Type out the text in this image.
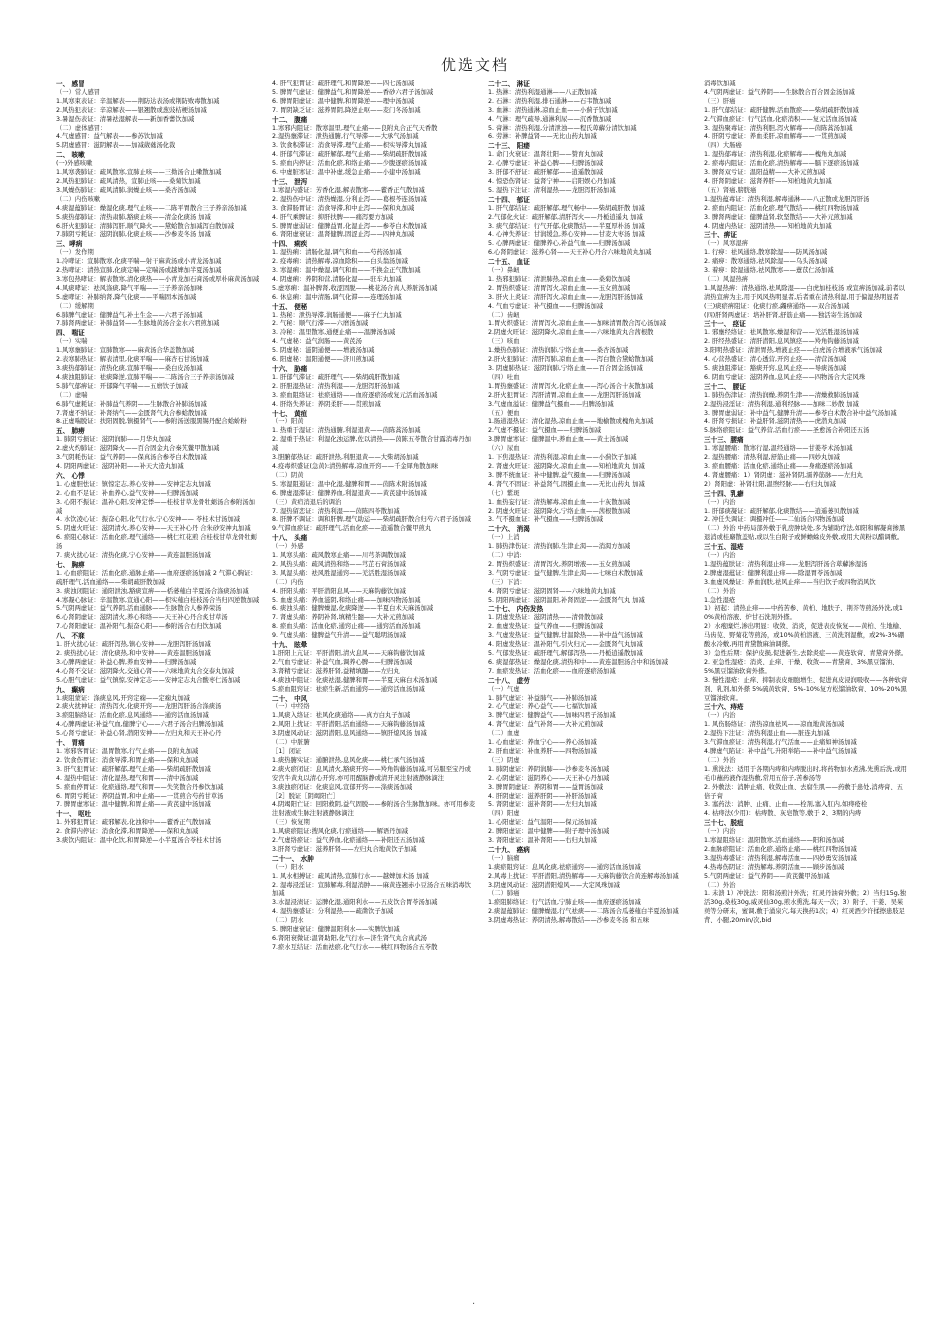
优选文档
一、 感冒
（一）常人感冒
1.风寒束表证：辛温解表——荆防达表汤或荆防败毒散加减
2.风热犯表证：辛凉解表——银翘散或葱豉桔梗汤加减
3.暑湿伤表证：清暑祛湿解表——新加香薷饮加减
（二）虚体感冒：
4.气虚感冒：益气解表——参苏饮加减
5.阴虚感冒：滋阴解表——加减葳蕤汤化裁
二、 咳嗽
(一)外感咳嗽
1.风寒袭肺证：疏风散寒,宣肺止咳——三拗汤合止嗽散加减
2.风热犯肺证：疏风清热，宣肺止咳——桑菊饮加减
3.风燥伤肺证：疏风清肺,润燥止咳——桑杏汤加减
（二）内伤咳嗽
4.痰湿蕴肺证：燥湿化痰,理气止咳——二陈平胃散合三子养亲汤加减
5.痰热郁肺证：清热肃肺,豁痰止咳——清金化痰汤 加减
6.肝火犯肺证：清肺泻肝,顺气降火——黛蛤散合加减泻白散加减
7.肺阴亏耗证：滋阴润肺,化痰止咳——沙参麦冬汤 加减
三、哮病
（一）发作期
1.冷哮证：宣肺散寒,化痰平喘—射干麻黄汤或小青龙汤加减
2.热哮证：清热宣肺,化痰定喘—定喘汤或越婢加半夏汤加减
3.寒包热哮证：解表散寒,清化痰热——小青龙加石膏汤或厚朴麻黄汤加减
4.风痰哮证：祛风涤痰,降气平喘——三子养亲汤加味
5.虚哮证：补肺纳肾,降气化痰——平喘固本汤加减
（二）缓解期
6.肺脾气虚证：健脾益气,补土生金——六君子汤加减
7.肺肾两虚证：补肺益肾——生脉地黄汤合金水六君煎加减
四、 喘证
（一）实喘
1.风寒壅肺证：宣肺散寒——麻黄汤合华盖散加减
2.表寒肺热证：解表清里,化痰平喘——麻杏石甘汤加减
3.痰热郁肺证：清热化痰,宣肺平喘——桑白皮汤加减
4.痰浊阻肺证：祛痰降逆,宣肺平喘——二陈汤合三子养亲汤加减
5.肺气郁痹证：开郁降气平喘——五磨饮子加减
（二）虚喘
6.肺气虚耗证：补肺益气养阴——生脉散合补肺汤加减
7.肾虚不纳证：补肾纳气——金匮肾气丸合参蛤散加减
8.正虚喘脱证：扶阳固脱,镇摄肾气——参附汤送服黑锡丹配合蛤蚧粉
五、 肺痨
1. 肺阴亏损证：滋阴润肺——月华丸加减
2.虚火灼肺证：滋阴降火——百合固金丸合秦艽鳖甲散加减
3.气阴耗伤证：益气养阴——保真汤合参苓白术散加减
4. 阴阳两虚证：滋阴补阳——补天大造丸加减
六、 心悸
1. 心虚胆怯证：镇惊定志,养心安神——安神定志丸加减
2. 心血不足证：补血养心,益气安神——归脾汤加减
3. 心阳不振证：温补心阳,安神定悸——桂枝甘草龙骨牡蛎汤合参附汤加减
4. 水饮凌心证：振奋心阳,化气行水,宁心安神—— 苓桂术甘汤加减
5. 阴虚火旺证：滋阴清火,养心安神——天王补心丹 合朱砂安神丸加减
6. 瘀阻心脉证：活血化瘀,理气通络——桃仁红花煎 合桂枝甘草龙骨牡蛎汤
7. 痰火扰心证：清热化痰,宁心安神——黄连温胆汤加减
七、 胸痹
1. 心血瘀阻证：活血化瘀,通脉止痛——血府逐瘀汤加减 2 气滞心胸证：疏肝理气,活血通络——柴胡疏肝散加减
3. 痰浊闭阻证：通阳泄浊,豁痰宣痹——栝蒌薤白半夏汤合涤痰汤加减
4.寒凝心脉证：辛温散寒,宣通心阳——枳实薤白桂枝汤合当归四逆散加减
5.气阴两虚证：益气养阴,活血通脉——生脉散合人参养荣汤
6.心肾阴虚证：滋阴清火,养心和络——天王补心丹合炙甘草汤
7.心肾阳虚证：温补阳气,振奋心阳——参附汤合右归饮加减
八、 不寐
1. 肝火扰心证：疏肝泻热,镇心安神——龙胆泻肝汤加减
2. 痰热扰心证：清化痰热,和中安神——黄连温胆汤加减
3.心脾两虚证：补益心脾,养血安神——归脾汤加减
4.心肾不交证：滋阴降火,交通心肾——六味地黄丸合交泰丸加减
5.心胆气虚证：益气镇惊,安神定志——安神定志丸合酸枣仁汤加减
九、 癫病
1.痰阻蒙证：涤痰息风,开窍定痫——定痫丸加减
2.痰火扰神证：清热泻火,化痰开窍——龙胆泻肝汤合涤痰汤
3.瘀阻脑络证：活血化瘀,息风通络——通窍活血汤加减
4.心脾两虚证:补益气血,健脾宁心——六君子汤合归脾汤加减
5.心肾亏虚证：补益心肾,潜阳安神——左归丸和天王补心丹
十、 胃痛
1. 寒邪客胃证：温胃散寒,行气止痛——良附丸加减
2. 饮食伤胃证：消食导滞,和胃止痛——保和丸加减
3. 肝气犯胃证：疏肝解郁,理气止痛——柴胡疏肝散加减
4. 湿热中阻证：清化湿热,理气和胃——清中汤加减
5. 瘀血停胃证：化瘀通络,理气和胃——失笑散合丹参饮加减
6. 胃阴亏耗证：养阴益胃,和中止痛——一贯煎合芍药甘草汤
7. 脾胃虚寒证：温中健脾,和胃止痛——黄芪建中汤加减
十一、 呕吐
1. 外邪犯胃证：疏邪解表,化浊和中——藿香正气散加减
2. 食滞内停证：消食化滞,和胃降逆——保和丸加减
3.痰饮内阻证：温中化饮,和胃降逆—小半夏汤合苓桂术甘汤
4. 肝气犯胃证：疏肝理气,和胃降逆——四七汤加减
5. 脾胃气虚证：健脾益气,和胃降逆——香砂六君子汤加减
6. 脾胃阳虚证：温中健脾,和胃降逆——理中汤加减
7. 胃阴缺乏证：滋养胃阴,降逆止呕——麦门冬汤加减
十二、 腹痛
1.寒邪内阻证：散寒温里,理气止痛——良附丸合正气天香散
2.湿热壅滞证：泄热通腑,行气导滞——大承气汤加减
3. 饮食积滞证：消食导滞,理气止痛——枳实导滞丸加减
4. 肝郁气滞证：疏肝解郁,理气止痛——柴胡疏肝散加减
5. 瘀血内停证：活血化瘀,和络止痛——少腹逐瘀汤加减
6. 中虚脏寒证：温中补虚,缓急止痛——小建中汤加减
十三、 泄泻
1.寒湿内盛证：芳香化湿,解表散寒——藿香正气散加减
2. 湿热伤中证：清热燥湿,分利止泻——葛根芩连汤加减
3. 食滞肠胃证：消食导滞,和中止泻——保和丸加减
4. 肝气乘脾证：抑肝扶脾——痛泻要方加减
5. 脾胃虚弱证：健脾益胃,化湿止泻——参苓白术散加减
6. 肾阳虚衰证：温肾健脾,固涩止泻——四神丸加减
十四、 痢疾
1. 湿热痢：清肠化湿,调气和血——芍药汤加减
2. 疫毒痢：清热解毒,凉血除积——白头翁汤加减
3. 寒湿痢：温中燥湿,调气和血——不换金正气散加减
4. 阴虚痢：养阴和营,清肠化湿——驻车丸加减
5.虚寒痢：温补脾肾,收涩固脱——桃花汤合真人养脏汤加减
6. 休息痢：温中清肠,调气化滞——连理汤加减
十五、 便秘
1. 热秘：泄热导滞,润肠通便——麻子仁丸加减
2. 气秘：顺气行滞——六磨汤加减
3. 冷秘：温里散寒,通便止痛——温脾汤加减
4. 气虚秘：益气润肠——黄芪汤
5. 阴虚秘：滋阴通便——增液汤加减
6. 阳虚秘：温阳通便——济川煎加减
十六、 胁痛
1. 肝郁气滞证：疏肝理气——柴胡疏肝散加减
2. 肝胆湿热证：清热利湿——龙胆泻肝汤加减
3. 瘀血阻络证：祛瘀通络——血府逐瘀汤或复元活血汤加减
4. 肝络失养证：养阴柔肝——贯煎加减
十七、 黄疸
（一）阳黄
1. 热重于湿证：清热通腑,利湿退黄——茵陈蒿汤加减
2. 湿重于热证：利湿化浊运脾,佐以清热——茵陈五苓散合甘露消毒丹加减
3.胆腑郁热证：疏肝泄热,利胆退黄——大柴胡汤加减
4.疫毒炽盛证(急黄):清热解毒,凉血开窍——千金犀角散加味
（二）阴黄
5. 寒湿阻遏证：温中化湿,健脾和胃——茵陈术附汤加减
6. 脾虚湿滞证：健脾养血,利湿退黄——黄芪建中汤加减
（三）黄疸消退后的调治
7. 湿热留恋证：清热利湿——茵陈四苓散加减
8. 肝脾不调证：调和肝脾,理气助运——柴胡疏肝散合归芍六君子汤加减
9.气滞血瘀证：疏肝理气,活血化瘀——逍遥散合鳖甲煎丸
十八、 头痛
（一）外感
1. 风寒头痛：疏风散寒止痛——川芎茶调散加减
2. 风热头痛：疏风清热和络——芎芷石膏汤加减
3. 风湿头痛：祛风胜湿通窍——羌活胜湿汤加减
（二）内伤
4. 肝阳头痛：平肝潜阳息风——天麻钩藤饮加减
5. 血虚头痛：养血滋阴,和络止痛——加味四物汤加减
6. 痰浊头痛：健脾燥湿,化痰降逆——半夏白术天麻汤加减
7. 肾虚头痛：养阴补肾,填精生髓——大补元煎加减
8. 瘀血头痛：活血化瘀,通窍止痛——通窍活血汤加减
9. 气虚头痛：健脾益气升清——益气聪明汤加减
十九、 眩晕
1.肝阳上亢证：平肝潜阳,清火息风——天麻钩藤饮加减
2.气血亏虚证：补益气血,调养心脾——归脾汤加减
3.肾精亏虚证：滋养肝肾,益精填髓——左归丸
4.痰浊中阻证：化痰祛湿,健脾和胃——半夏天麻白术汤加减
5.瘀血阻窍证：祛瘀生新,活血通窍——通窍活血汤加减
二十、 中风
（一）中经络
1.风痰入络证：祛风化痰通络——真方白丸子加减
2.风阳上扰证：平肝潜阳,活血通络——天麻钩藤汤加减
3.阴虚风动证：滋阴潜阳,息风通络——镇肝熄风汤 加减
（二）中脏腑
［1］闭证
1.痰热腑实证：通腑泄热,息风化痰——桃仁承气汤加减
2.痰火瘀闭证：息风清火,豁痰开窍——羚角钩藤汤加减,可另服至宝丹或安宫牛黄丸以清心开窍,亦可用醒脑静或清开灵注射液静脉滴注
3.痰浊瘀闭证：化痰息风,宣郁开窍——涤痰汤加减
［2］脱证［阴竭阳亡］
4.阴竭阳亡证：回阳救阴,益气固脱——参附汤合生脉散加味。亦可用参麦注射液或生脉注射液静脉滴注
（三）恢复期
1.风痰瘀阻证:搜风化痰,行瘀通络——解语丹加减
2.气虚络瘀证：益气养血,化瘀通络——补阳还五汤加减
3.肝肾亏虚证：滋养肝肾——左归丸合地黄饮子加减
二十一、 水肿
（一）阳水
1. 风水相搏证：疏风清热,宣肺行水——越婢加术汤 加减
2. 湿毒浸淫证：宣肺解毒,利湿消肿——麻黄连翘赤小豆汤合五味消毒饮加减
3.水湿浸渍证：运脾化湿,通阳利水——五皮饮合胃苓汤加减
4. 湿热壅盛证：分利湿热——疏凿饮子加减
（二）阴水
5. 脾阳虚衰证：健脾温阳利水——实脾饮加减
6.肾阳衰微证:温肾助阳,化气行水—济生肾气丸合真武汤
7.瘀水互结证：活血祛瘀,化气行水——桃红四物汤合五苓散
二十二、 淋证
1. 热淋：清热利湿通淋——八正散加减
2. 石淋：清热利湿,排石通淋——石韦散加减
3. 血淋：清热通淋,凉血止血——小蓟子饮加减
4. 气淋：理气疏导,通淋利尿——沉香散加减
5. 膏淋：清热利湿,分清泄浊——程氏萆薢分清饮加减
6. 劳淋：补脾益肾——无比山药丸加减
二十三、 阳痿
1. 命门火衰证：温肾壮阳——赞育丸加减
2. 心脾亏虚证：补益心脾——归脾汤加减
3. 肝郁不舒证：疏肝解郁——逍遥散加减
4. 惊恐伤肾证：益肾宁神——启阳娱心丹加减
5. 湿热下注证：清利湿热——龙胆泻肝汤加减
二十四、 郁证
1. 肝气郁结证：疏肝解郁,理气畅中——柴胡疏肝散 加减
2.气郁化火证：疏肝解郁,清肝泻火——丹栀逍遥丸 加减
3. 痰气郁结证：行气开郁,化痰散结——半夏厚朴汤 加减
4. 心神失养证：甘润缓急,养心安神——甘麦大枣汤 加减
5. 心脾两虚证：健脾养心,补益气血——归脾汤加减
6.心肾阴虚证：滋养心肾——天王补心丹合六味地黄丸加减
二十五、 血证
（一）鼻衄
1. 热邪犯肺证：清泄肺热,凉血止血——桑菊饮加减
2. 胃热炽盛证：清胃泻火,凉血止血——玉女煎加减
3. 肝火上炎证：清肝泻火,凉血止血——龙胆泻肝汤加减
4. 气血亏虚证：补气摄血——归脾汤加减
（二）齿衄
1.胃火炽盛证：清胃泻火,凉血止血——加味清胃散合泻心汤加减
2.阴虚火旺证：滋阴降火,凉血止血——六味地黄丸合茜根散
（三）咳血
1.燥热伤肺证：清热润肺,宁络止血——桑杏汤加减
2.肝火犯肺证：清肝泻肺,凉血止血——泻白散合黛蛤散加减
3. 阴虚肺热证：滋阴润肺,宁络止血——百合固金汤加减
（四）吐血
1.胃热壅盛证：清胃泻火,化瘀止血——泻心汤合十灰散加减
2.肝火犯胃证：泻肝清胃,凉血止血——龙胆泻肝汤加减
3.气虚血溢证：健脾益气摄血——归脾汤加减
（五）便血
1.肠道湿热证：清化湿热,凉血止血——地榆散或槐角丸加减
2.气虚不摄证：益气摄血——归脾汤加减
3.脾胃虚寒证：健脾温中,养血止血——黄土汤加减
（六）尿血
1. 下焦湿热证：清热利湿,凉血止血——小蓟饮子加减
2. 肾虚火旺证：滋阴降火,凉血止血——知柏地黄丸 加减
3. 脾不统血证：补中健脾,益气摄血——归脾汤加减
4. 肾气不固证：补益肾气,固摄止血——无比山药丸 加减
（七）紫斑
1. 血热妄行证：清热解毒,凉血止血——十灰散加减
2. 阴虚火旺证：滋阴降火,宁络止血——茜根散加减
3. 气不摄血证：补气摄血——归脾汤加减
二十六、 消渴
（一）上消
1. 肺热津伤证：清热润肺,生津止渴——消渴方加减
（二）中消:
2. 胃热炽盛证：清胃泻火,养阴增液——玉女煎加减
3. 气阴亏虚证：益气健脾,生津止渴——七味白术散加减
（三）下消：
4. 肾阴亏虚证：滋阴固肾——六味地黄丸加减
5. 阴阳两虚证：滋阴温阳,补肾固涩——金匮肾气丸 加减
二十七、 内伤发热
1. 阴虚发热证：滋阴清热——清骨散加减
2. 血虚发热证：益气养血——归脾汤加减
3. 气虚发热证：益气健脾,甘温除热——补中益气汤加减
4. 阳虚发热证：温补阳气,引火归元——金匮肾气丸加减
5. 气郁发热证：疏肝理气,解郁泻热——丹栀逍遥散加减
6. 痰湿郁热证：燥湿化痰,清热和中——黄连温胆汤合中和汤加减
7. 血瘀发热证：活血化瘀——血府逐瘀汤加减
二十八、 虚劳
（一）气虚
1. 肺气虚证：补益肺气——补肺汤加减
2. 心气虚证：养心益气——七福饮加减
3. 脾气虚证：健脾益气——加味四君子汤加减
4. 肾气虚证：益气补肾——大补元煎加减
（二）血虚
1. 心血虚证：养血宁心——养心汤加减
2. 肝血虚证：补血养肝——四物汤加减
（三）阴虚
1. 肺阴虚证：养阴润肺——沙参麦冬汤加减
2. 心阴虚证：滋阴养心——天王补心丹加减
3. 脾胃阴虚证：养阴和胃——益胃汤加减
4. 肝阴虚证：滋养肝阴——补肝汤加减
5. 肾阴虚证：滋补肾阴——左归丸加减
（四）阳虚
1. 心阳虚证：益气温阳——保元汤加减
2. 脾阳虚证：温中健脾——附子理中汤加减
3. 肾阳虚证：温补肾阳——右归丸加减
二十九、 癌病
（一）脑瘤
1.痰瘀阻窍证：息风化痰,祛瘀通窍——通窍活血汤加减
2.风毒上扰证：平肝潜阳,清热解毒——天麻钩藤饮合黄连解毒汤加减
3.阴虚风动证：滋阴潜阳熄风——大定风珠加减
（二）肺癌
1.瘀阻肺络证：行气活血,宁肺止咳——血府逐瘀汤加减
2.痰湿蕴肺证：健脾燥湿,行气祛痰——二陈汤合瓜蒌薤白半夏汤加减
3.阴虚毒热证：养阴清热,解毒散结——沙参麦冬汤 和五味
消毒饮加减
4.气阴两虚证：益气养阴——生脉散合百合固金汤加减
（三）肝癌
1. 肝气郁结证：疏肝健脾,活血散瘀——柴胡疏肝散加减
2.气滞血瘀证：行气活血,化瘀消积——复元活血汤加减
3. 湿热聚毒证：清热利胆,泻火解毒——茵陈蒿汤加减
4. 肝阴亏虚证：养血柔肝,凉血解毒——一贯煎加减
（四）大肠癌
1. 湿热郁毒证：清热利湿,化瘀解毒——槐角丸加减
2. 瘀毒内阻证：活血化瘀,清热解毒——膈下逐瘀汤加减
3. 脾肾双亏证：温阳益精——大补元煎加减
4. 肝肾阴虚证：滋肾养肝——知柏地黄丸加减
（五）肾癌,膀胱癌
1.湿热蕴毒证：清热利湿,解毒通淋——八正散或龙胆泻肝汤
2. 瘀血内阻证：活血化瘀,理气散结——桃红四物汤加减
3. 脾肾两虚证：健脾益肾,软坚散结——大补元煎加减
4. 阴虚内热证：滋阴清热——知柏地黄丸加减
三十、痹证
（一）风寒湿痹
1. 行痹：祛风通络,散寒除湿——防风汤加减
2. 痛痹：散寒通络,祛风除湿——乌头汤加减
3. 着痹：除湿通络,祛风散寒——薏苡仁汤加减
（二）风湿热痹
1.风湿热痹：清热通络,祛风除湿——白虎加桂枝汤 或宣痹汤加减,前者以清热宣痹为主,用于风风热明显者,后者重在清热利湿,用于偏湿热明显者
(三)痰瘀痹阻证：化痰行瘀,蠲痹通络——双合汤加减
(四)肝肾两虚证：培补肝肾,舒筋止痛——独活寄生汤加减
三十一、 痉证
1. 邪壅经络证：祛风散寒,燥湿和营——羌活胜湿汤加减
2. 肝经热盛证：清肝潜阳,息风镇痉——羚角钩藤汤加减
3.阳明热盛证：清泄胃热,增液止痉——白虎汤合增液承气汤加减
4. 心营热盛证：清心透营,开窍止痉——清营汤加减
5. 痰浊阻滞证：豁痰开窍,息风止痉——导痰汤加减
6. 阴血亏虚证：滋阴养血,息风止痉——四物汤合大定风珠
三十二、 腰证
1. 肺热伤津证：清热润燥,养阴生津——清燥救肺汤加减
2.湿热浸淫证：清热利湿,通利经脉——加味二妙散 加减
3. 脾胃虚弱证：补中益气,健脾升清——参苓白术散合补中益气汤加减
4. 肝肾亏损证：补益肝肾,滋阴清热——虎潜丸加减
5.脉络瘀阻证：益气养营,活血行瘀——圣愈汤合补阳还五汤
三十三、腰痛
1. 寒湿腰痛：散寒行湿,温经通络——甘姜苓术汤加减
2. 湿热腰痛：清热利湿,舒筋止痛——四妙丸加减
3. 瘀血腰痛：活血化瘀,通络止痛——身痛逐瘀汤加减
4. 肾虚腰痛：1）肾阴虚：滋补肾阴,濡养筋脉——左归丸
2）肾阳虚：补肾壮阳,温煦经脉——右归丸加减
三十四、乳癖
（一）内治
1. 肝郁痰凝证：疏肝解郁,化痰散结——逍遥蒌贝散加减
2. 冲任失调证：调摄冲任——二仙汤合四物汤加减
（二）外治 中药局部外敷于乳房肿块处,多为辅助疗法,如阳和解凝膏掺黑退消或桂麝散盖贴,或以生白附子或鲜蟾蜍皮外敷,或用大黄粉以醋调敷。
三十五、湿疮
（一）内治
1.湿热蕴肤证：清热利湿止痒——龙胆泻肝汤合萆薢渗湿汤
2.脾虚湿蕴证：健脾利湿止痒——除湿胃苓汤加减
3.血虚风燥证：养血润肤,祛风止痒——当归饮子或四物消风饮
（二）外治
1.急性湿疮
1）初起：清热止痒——中药苦参、黄柏、地肤子、荆芥等煎汤外洗,或10%黄柏溶液、炉甘石洗剂外搽。
2）水疱糜烂,渗出明显：收敛、消炎，促进表皮恢复——黄柏、生地榆、马齿苋、野菊花等煎汤，或10%黄柏溶液、三黄洗剂湿敷，或2%-3%硼酸水冷敷,再用青黛散麻油调搽。
3）急性后期：保护皮损,促进新生,去除炎症——黄连软膏、青黛膏外搽。
2. 亚急性湿疮：消炎、止痒、干燥、收敛——青黛膏、3%黑豆馏油、5%黑豆馏油软膏外搽。
3. 慢性湿疮：止痒、抑制表皮细胞增生、促进真皮浸润吸收——各种软膏剂、乳剂,如外搽 5%硫黄软膏、5%-10%复方松馏油软膏、10%-20%黑豆馏油软膏。
三十六、痔疮
（一）内治
1. 风伤肠络证：清热凉血祛风——凉血地黄汤加减
2.湿热下注证：清热利湿止血——脏连丸加减
3.气滞血瘀证：清热利湿,行气活血——止痛如神汤加减
4.脾虚气陷证：补中益气,升阳举陷——补中益气汤加减
（二）外治
1. 熏洗法：适用于各期内痔和内痔脱出时,将药物加水煮沸,先熏后洗,或用毛巾蘸药液作湿热敷,常用五倍子,苦参汤等
2. 外敷法：消肿止痛、收敛止血、去腐生肌——药敷于患处,消痔膏、五倍子膏
3. 塞药法：消肿、止痛、止血——栓剂,塞入肛内,如痔疮栓
4. 枯痔法(少用)：枯痔散、灰皂散等,敷于 2、3期的内痔
三十七、脱疽
（一）内治
1.寒湿阻络证：温阳散寒,活血通络——阳和汤加减
2.血脉瘀阻证：活血化瘀,通络止痛——桃红四物汤加减
3.湿热毒盛证：清热利湿,解毒活血——四妙勇安汤加减
4.热毒伤阴证：清热解毒,养阴活血——顾步汤加减
5.气阴两虚证：益气养阴——黄芪鳖甲汤加减
（二）外治
1. 未溃 1）冲洗法：阳和汤煎汁外洗；红灵丹油膏外敷；2）当归15g,独活30g,桑枝30g,威灵仙30g,煎水熏洗,每天一次；3）附子、干姜、吴茱萸等分研末，蜜调,敷于涌泉穴,每天换药1次；4）红灵酒少许揉擦患肢足背、小腿,20min/次,bid
.
